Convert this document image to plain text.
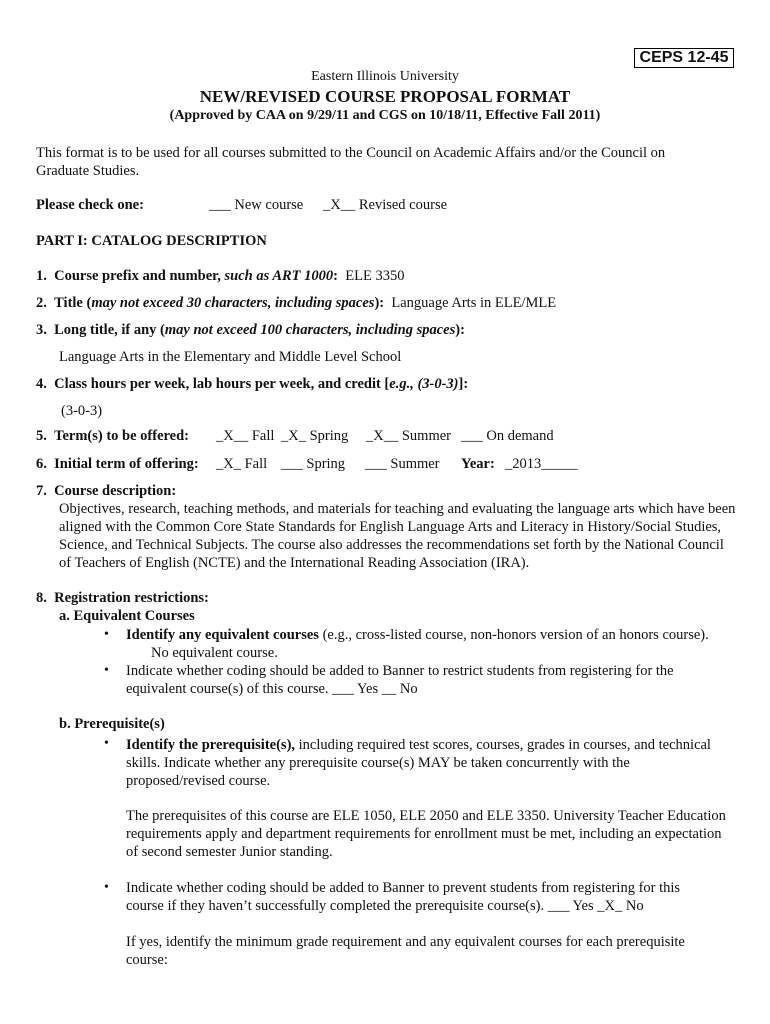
CEPS 12-45
Eastern Illinois University
NEW/REVISED COURSE PROPOSAL FORMAT
(Approved by CAA on 9/29/11 and CGS on 10/18/11, Effective Fall 2011)
This format is to be used for all courses submitted to the Council on Academic Affairs and/or the Council on Graduate Studies.
Please check one:	___ New course _X__ Revised course
PART I: CATALOG DESCRIPTION
1. Course prefix and number, such as ART 1000: ELE 3350
2. Title (may not exceed 30 characters, including spaces): Language Arts in ELE/MLE
3. Long title, if any (may not exceed 100 characters, including spaces):
Language Arts in the Elementary and Middle Level School
4. Class hours per week, lab hours per week, and credit [e.g., (3-0-3)]:
(3-0-3)
5. Term(s) to be offered: _X__ Fall _X_ Spring _X__ Summer ___ On demand
6. Initial term of offering: _X_ Fall ___ Spring ___ Summer Year: _2013_____
7. Course description:
Objectives, research, teaching methods, and materials for teaching and evaluating the language arts which have been aligned with the Common Core State Standards for English Language Arts and Literacy in History/Social Studies, Science, and Technical Subjects. The course also addresses the recommendations set forth by the National Council of Teachers of English (NCTE) and the International Reading Association (IRA).
8. Registration restrictions:
a. Equivalent Courses
• Identify any equivalent courses (e.g., cross-listed course, non-honors version of an honors course).
No equivalent course.
• Indicate whether coding should be added to Banner to restrict students from registering for the
equivalent course(s) of this course. ___ Yes __ No
b. Prerequisite(s)
• Identify the prerequisite(s), including required test scores, courses, grades in courses, and technical skills. Indicate whether any prerequisite course(s) MAY be taken concurrently with the proposed/revised course.
The prerequisites of this course are ELE 1050, ELE 2050 and ELE 3350. University Teacher Education requirements apply and department requirements for enrollment must be met, including an expectation of second semester Junior standing.
• Indicate whether coding should be added to Banner to prevent students from registering for this
course if they haven’t successfully completed the prerequisite course(s). ___ Yes _X_ No
If yes, identify the minimum grade requirement and any equivalent courses for each prerequisite course:
